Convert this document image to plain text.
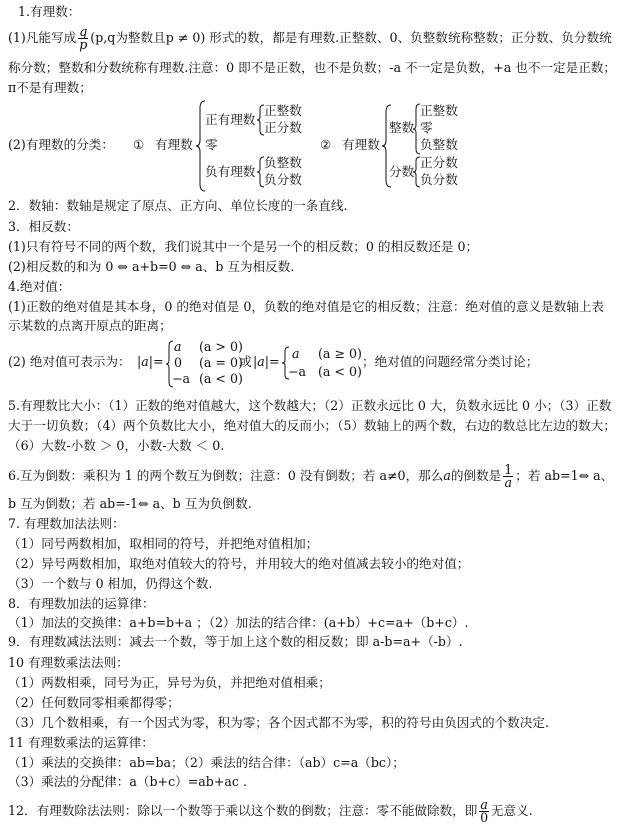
1.有理数：
(1)凡能写成 $\frac{q}{p} (p,q$为整数且p ≠ 0) 形式的数，都是有理数.正整数、0、负整数统称整数；正分数、负分数统
称分数；整数和分数统称有理数.注意：0 即不是正数，也不是负数；-a 不一定是负数，+a 也不一定是正数；
π不是有理数；
(2)有理数的分类： ① 有理数
正有理数
零
负有理数
正整数
正分数
负整数
负分数
② 有理数
整数
分数
正整数
零
负整数
正分数
负分数
2．数轴：数轴是规定了原点、正方向、单位长度的一条直线.
3．相反数：
(1)只有符号不同的两个数，我们说其中一个是另一个的相反数；0 的相反数还是 0；
(2)相反数的和为 0 ⇔ a+b=0 ⇔ a、b 互为相反数.
4.绝对值：
(1)正数的绝对值是其本身，0 的绝对值是 0，负数的绝对值是它的相反数；注意：绝对值的意义是数轴上表
示某数的点离开原点的距离；
(2) 绝对值可表示为： |a|=
a (a > 0)
0 (a = 0)
−a (a < 0)
或 |a|=
a (a ≥ 0)
−a (a < 0)
；绝对值的问题经常分类讨论；
5.有理数比大小：（1）正数的绝对值越大，这个数越大；（2）正数永远比 0 大，负数永远比 0 小；（3）正数
大于一切负数；（4）两个负数比大小，绝对值大的反而小；（5）数轴上的两个数，右边的数总比左边的数大；
（6）大数-小数 ＞ 0，小数-大数 ＜ 0.
6.互为倒数：乘积为 1 的两个数互为倒数；注意：0 没有倒数；若 a≠0，那么a的倒数是 $\frac{1}{a}$ ；若 ab=1⇔ a、
b 互为倒数；若 ab=-1⇔ a、b 互为负倒数.
7. 有理数加法法则：
（1）同号两数相加，取相同的符号，并把绝对值相加；
（2）异号两数相加，取绝对值较大的符号，并用较大的绝对值减去较小的绝对值；
（3）一个数与 0 相加，仍得这个数.
8．有理数加法的运算律：
（1）加法的交换律：a+b=b+a ；（2）加法的结合律：(a+b）+c=a+（b+c）.
9．有理数减法法则：减去一个数，等于加上这个数的相反数；即 a-b=a+（-b）.
10 有理数乘法法则：
（1）两数相乘，同号为正，异号为负，并把绝对值相乘；
（2）任何数同零相乘都得零；
（3）几个数相乘，有一个因式为零，积为零；各个因式都不为零，积的符号由负因式的个数决定.
11 有理数乘法的运算律：
（1）乘法的交换律：ab=ba；（2）乘法的结合律：（ab）c=a（bc）；
（3）乘法的分配律：a（b+c）=ab+ac .
12．有理数除法法则：除以一个数等于乘以这个数的倒数；注意：零不能做除数，即 $\frac{a}{0}$ 无意义.
